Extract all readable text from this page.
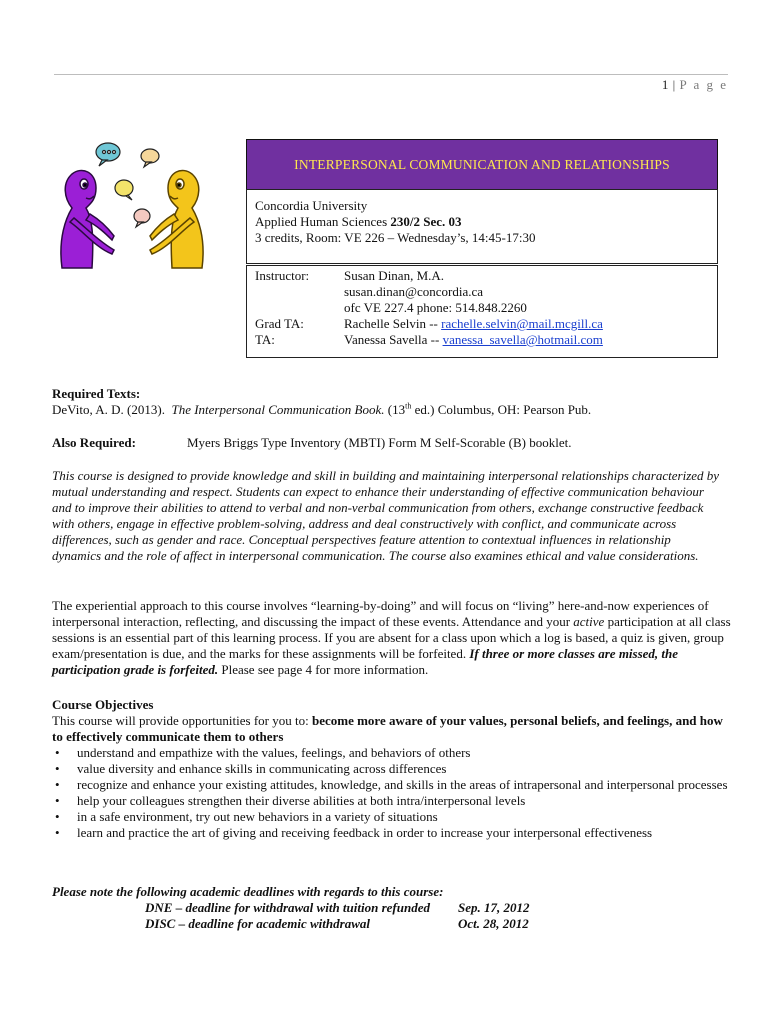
1 | P a g e
INTERPERSONAL COMMUNICATION AND RELATIONSHIPS
Concordia University
Applied Human Sciences 230/2 Sec. 03
3 credits, Room: VE 226 – Wednesday’s, 14:45-17:30
Instructor:	Susan Dinan, M.A.
susan.dinan@concordia.ca
ofc VE 227.4 phone: 514.848.2260
Grad TA:	Rachelle Selvin -- rachelle.selvin@mail.mcgill.ca
TA:	Vanessa Savella -- vanessa_savella@hotmail.com
Required Texts:
DeVito, A. D. (2013).  The Interpersonal Communication Book. (13th ed.) Columbus, OH: Pearson Pub.
Also Required:	Myers Briggs Type Inventory (MBTI) Form M Self-Scorable (B) booklet.
This course is designed to provide knowledge and skill in building and maintaining interpersonal relationships characterized by mutual understanding and respect. Students can expect to enhance their understanding of effective communication behaviour and to improve their abilities to attend to verbal and non-verbal communication from others, exchange constructive feedback with others, engage in effective problem-solving, address and deal constructively with conflict, and communicate across differences, such as gender and race. Conceptual perspectives feature attention to contextual influences in relationship dynamics and the role of affect in interpersonal communication. The course also examines ethical and value considerations.
The experiential approach to this course involves “learning-by-doing” and will focus on “living” here-and-now experiences of interpersonal interaction, reflecting, and discussing the impact of these events. Attendance and your active participation at all class sessions is an essential part of this learning process. If you are absent for a class upon which a log is based, a quiz is given, group exam/presentation is due, and the marks for these assignments will be forfeited. If three or more classes are missed, the participation grade is forfeited. Please see page 4 for more information.
Course Objectives
This course will provide opportunities for you to: become more aware of your values, personal beliefs, and feelings, and how to effectively communicate them to others
• understand and empathize with the values, feelings, and behaviors of others
• value diversity and enhance skills in communicating across differences
• recognize and enhance your existing attitudes, knowledge, and skills in the areas of intrapersonal and interpersonal processes
• help your colleagues strengthen their diverse abilities at both intra/interpersonal levels
• in a safe environment, try out new behaviors in a variety of situations
• learn and practice the art of giving and receiving feedback in order to increase your interpersonal effectiveness
Please note the following academic deadlines with regards to this course:
DNE – deadline for withdrawal with tuition refunded	Sep. 17, 2012
DISC – deadline for academic withdrawal	Oct. 28, 2012
